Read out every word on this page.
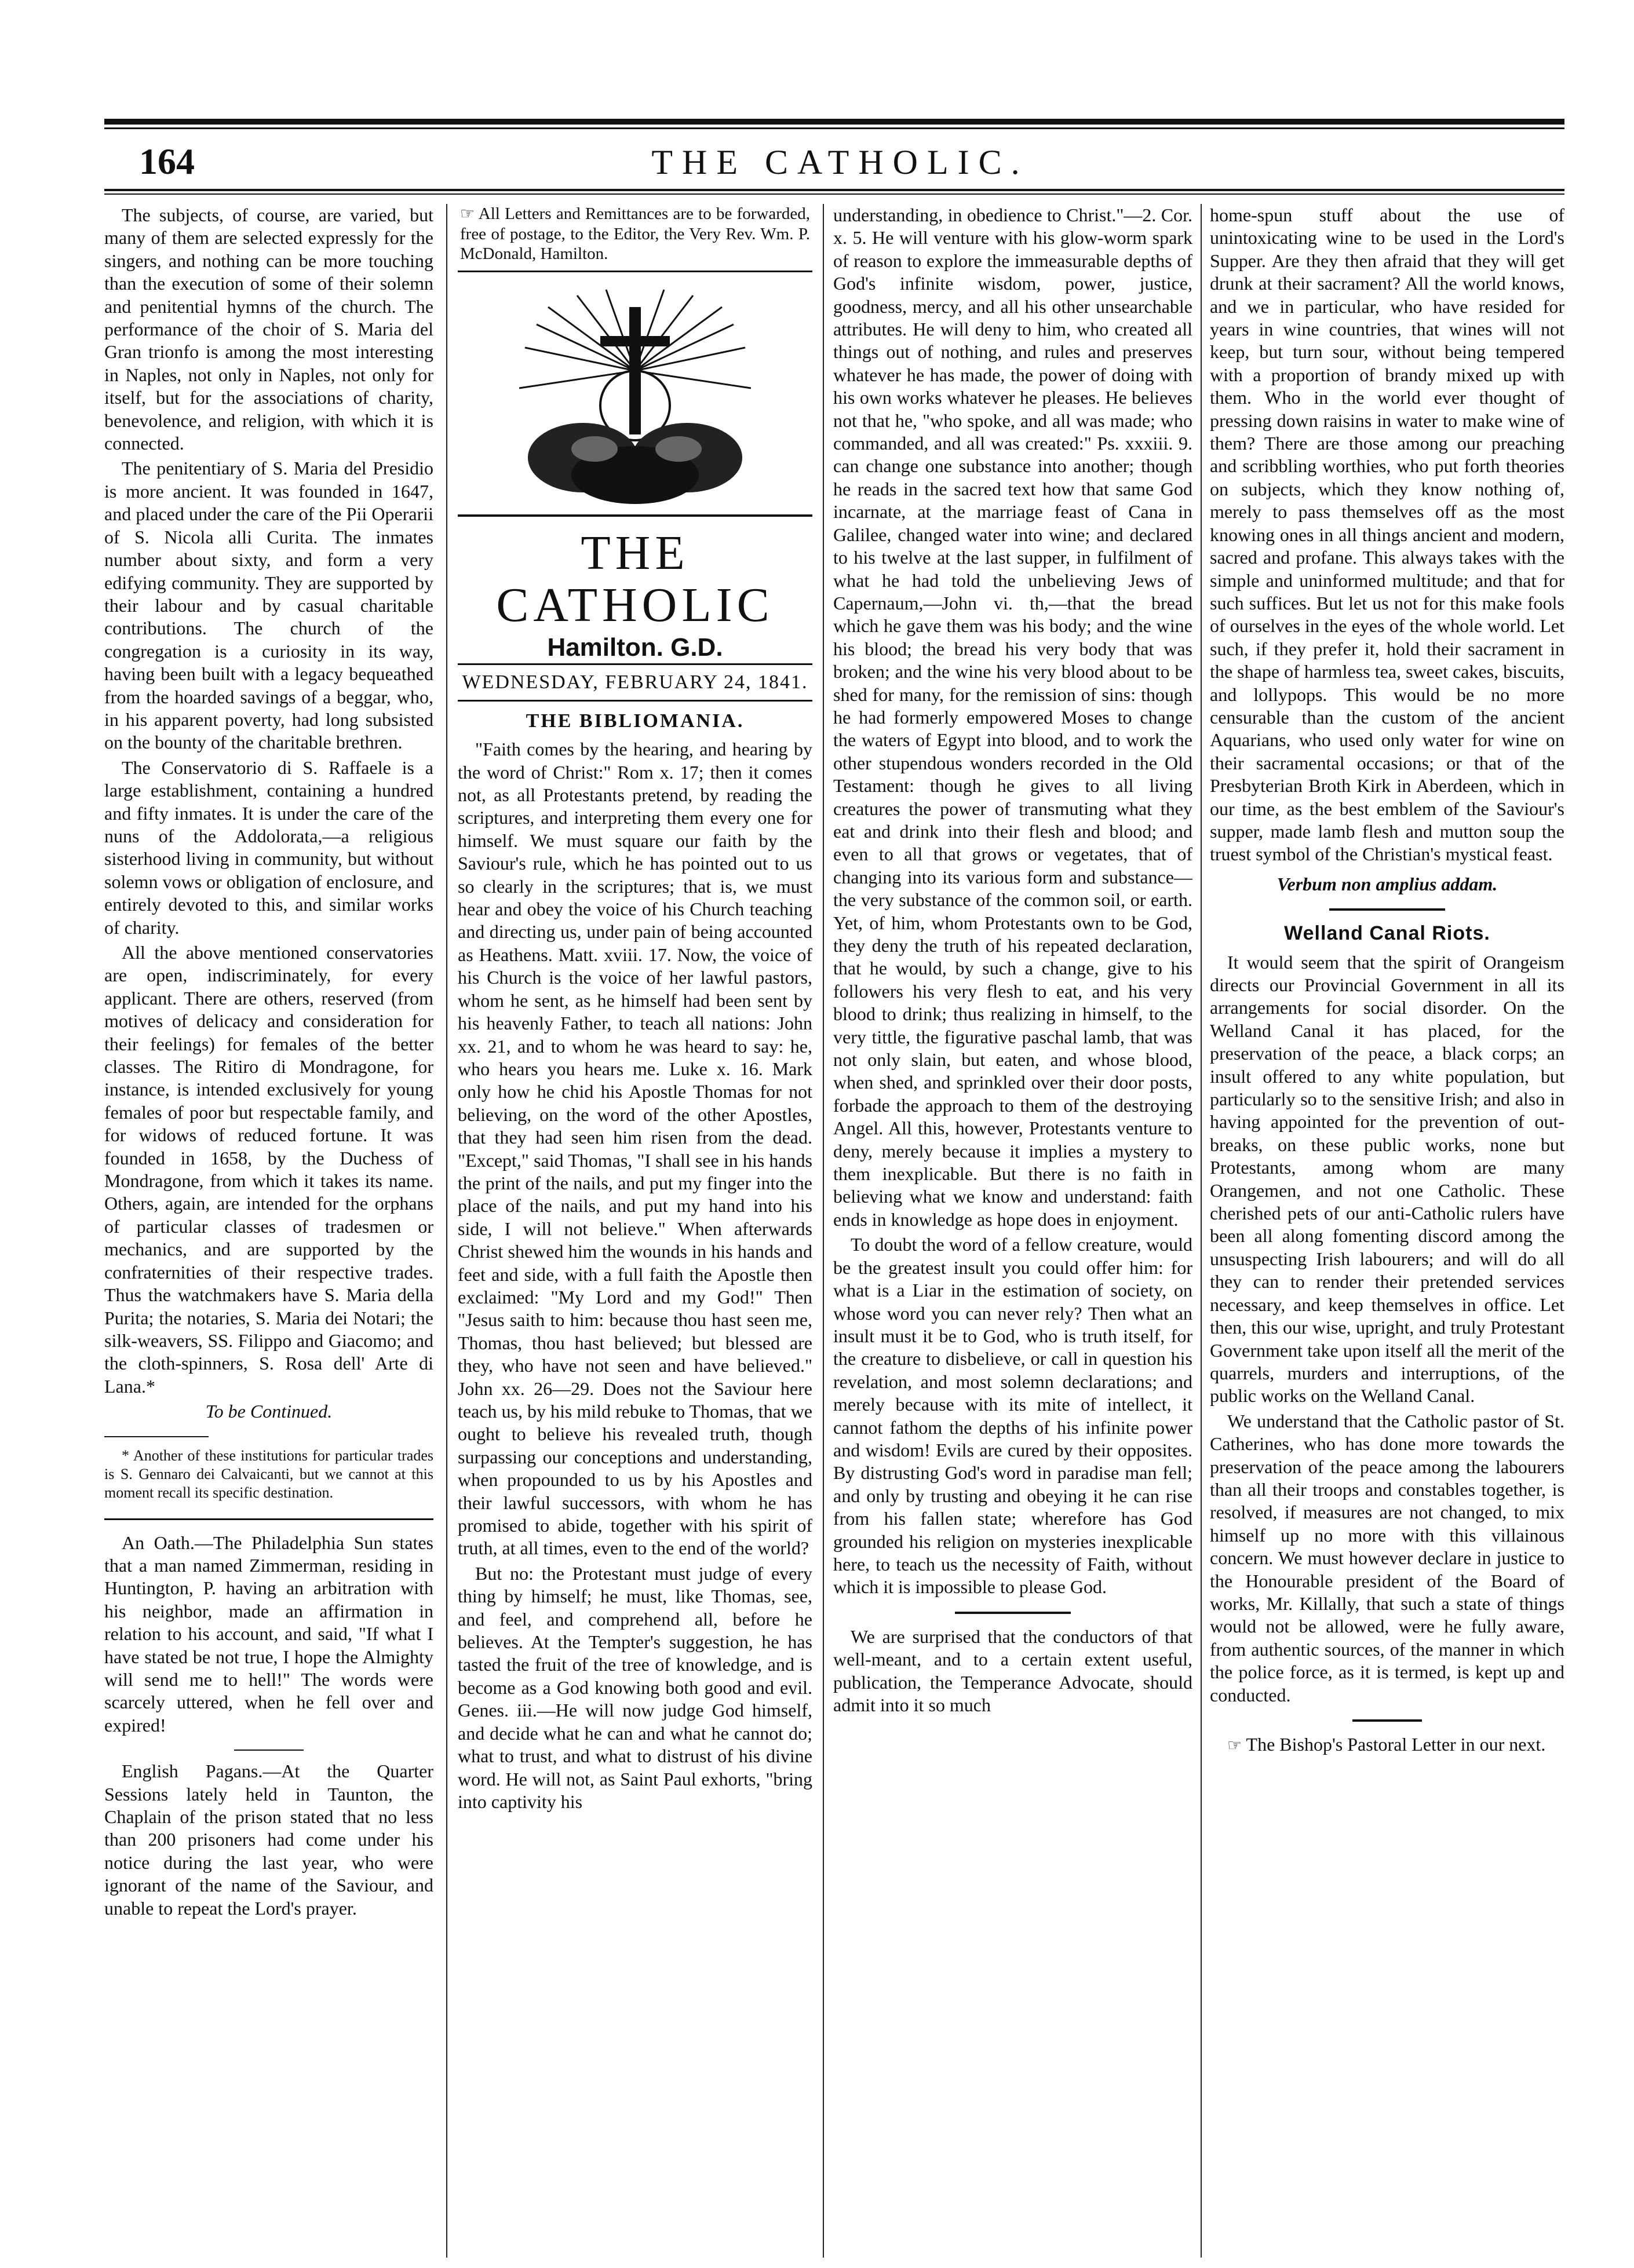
164	THE CATHOLIC.

The subjects, of course, are varied, but many of them are selected expressly for the singers, and nothing can be more touching than the execution of some of their solemn and penitential hymns of the church. The performance of the choir of S. Maria del Gran trionfo is among the most interesting in Naples, not only in Naples, not only for itself, but for the associations of charity, benevolence, and religion, with which it is connected.

The penitentiary of S. Maria del Presidio is more ancient. It was founded in 1647, and placed under the care of the Pii Operarii of S. Nicola alli Curita. The inmates number about sixty, and form a very edifying community. They are supported by their labour and by casual charitable contributions. The church of the congregation is a curiosity in its way, having been built with a legacy bequeathed from the hoarded savings of a beggar, who, in his apparent poverty, had long subsisted on the bounty of the charitable brethren.

The Conservatorio di S. Raffaele is a large establishment, containing a hundred and fifty inmates. It is under the care of the nuns of the Addolorata,—a religious sisterhood living in community, but without solemn vows or obligation of enclosure, and entirely devoted to this, and similar works of charity.

All the above mentioned conservatories are open, indiscriminately, for every applicant. There are others, reserved (from motives of delicacy and consideration for their feelings) for females of the better classes. The Ritiro di Mondragone, for instance, is intended exclusively for young females of poor but respectable family, and for widows of reduced fortune. It was founded in 1658, by the Duchess of Mondragone, from which it takes its name. Others, again, are intended for the orphans of particular classes of tradesmen or mechanics, and are supported by the confraternities of their respective trades. Thus the watchmakers have S. Maria della Purita; the notaries, S. Maria dei Notari; the silk-weavers, SS. Filippo and Giacomo; and the cloth-spinners, S. Rosa dell' Arte di Lana.*

To be Continued.

* Another of these institutions for particular trades is S. Gennaro dei Calvaicanti, but we cannot at this moment recall its specific destination.

An Oath.—The Philadelphia Sun states that a man named Zimmerman, residing in Huntington, P. having an arbitration with his neighbor, made an affirmation in relation to his account, and said, "If what I have stated be not true, I hope the Almighty will send me to hell!" The words were scarcely uttered, when he fell over and expired!

English Pagans.—At the Quarter Sessions lately held in Taunton, the Chaplain of the prison stated that no less than 200 prisoners had come under his notice during the last year, who were ignorant of the name of the Saviour, and unable to repeat the Lord's prayer.

☞ All Letters and Remittances are to be forwarded, free of postage, to the Editor, the Very Rev. Wm. P. McDonald, Hamilton.
THE CATHOLIC
Hamilton. G.D.
WEDNESDAY, FEBRUARY 24, 1841.
THE BIBLIOMANIA.

"Faith comes by the hearing, and hearing by the word of Christ:" Rom x. 17; then it comes not, as all Protestants pretend, by reading the scriptures, and interpreting them every one for himself. We must square our faith by the Saviour's rule, which he has pointed out to us so clearly in the scriptures; that is, we must hear and obey the voice of his Church teaching and directing us, under pain of being accounted as Heathens. Matt. xviii. 17. Now, the voice of his Church is the voice of her lawful pastors, whom he sent, as he himself had been sent by his heavenly Father, to teach all nations: John xx. 21, and to whom he was heard to say: he, who hears you hears me. Luke x. 16. Mark only how he chid his Apostle Thomas for not believing, on the word of the other Apostles, that they had seen him risen from the dead. "Except," said Thomas, "I shall see in his hands the print of the nails, and put my finger into the place of the nails, and put my hand into his side, I will not believe." When afterwards Christ shewed him the wounds in his hands and feet and side, with a full faith the Apostle then exclaimed: "My Lord and my God!" Then "Jesus saith to him: because thou hast seen me, Thomas, thou hast believed; but blessed are they, who have not seen and have believed." John xx. 26—29. Does not the Saviour here teach us, by his mild rebuke to Thomas, that we ought to believe his revealed truth, though surpassing our conceptions and understanding, when propounded to us by his Apostles and their lawful successors, with whom he has promised to abide, together with his spirit of truth, at all times, even to the end of the world?

But no: the Protestant must judge of every thing by himself; he must, like Thomas, see, and feel, and comprehend all, before he believes. At the Tempter's suggestion, he has tasted the fruit of the tree of knowledge, and is become as a God knowing both good and evil. Genes. iii.—He will now judge God himself, and decide what he can and what he cannot do; what to trust, and what to distrust of his divine word. He will not, as Saint Paul exhorts, "bring into captivity his

understanding, in obedience to Christ."—2. Cor. x. 5. He will venture with his glow-worm spark of reason to explore the immeasurable depths of God's infinite wisdom, power, justice, goodness, mercy, and all his other unsearchable attributes. He will deny to him, who created all things out of nothing, and rules and preserves whatever he has made, the power of doing with his own works whatever he pleases. He believes not that he, "who spoke, and all was made; who commanded, and all was created:" Ps. xxxiii. 9. can change one substance into another; though he reads in the sacred text how that same God incarnate, at the marriage feast of Cana in Galilee, changed water into wine; and declared to his twelve at the last supper, in fulfilment of what he had told the unbelieving Jews of Capernaum,—John vi. th,—that the bread which he gave them was his body; and the wine his blood; the bread his very body that was broken; and the wine his very blood about to be shed for many, for the remission of sins: though he had formerly empowered Moses to change the waters of Egypt into blood, and to work the other stupendous wonders recorded in the Old Testament: though he gives to all living creatures the power of transmuting what they eat and drink into their flesh and blood; and even to all that grows or vegetates, that of changing into its various form and substance—the very substance of the common soil, or earth. Yet, of him, whom Protestants own to be God, they deny the truth of his repeated declaration, that he would, by such a change, give to his followers his very flesh to eat, and his very blood to drink; thus realizing in himself, to the very tittle, the figurative paschal lamb, that was not only slain, but eaten, and whose blood, when shed, and sprinkled over their door posts, forbade the approach to them of the destroying Angel. All this, however, Protestants venture to deny, merely because it implies a mystery to them inexplicable. But there is no faith in believing what we know and understand: faith ends in knowledge as hope does in enjoyment.

To doubt the word of a fellow creature, would be the greatest insult you could offer him: for what is a Liar in the estimation of society, on whose word you can never rely? Then what an insult must it be to God, who is truth itself, for the creature to disbelieve, or call in question his revelation, and most solemn declarations; and merely because with its mite of intellect, it cannot fathom the depths of his infinite power and wisdom! Evils are cured by their opposites. By distrusting God's word in paradise man fell; and only by trusting and obeying it he can rise from his fallen state; wherefore has God grounded his religion on mysteries inexplicable here, to teach us the necessity of Faith, without which it is impossible to please God.

We are surprised that the conductors of that well-meant, and to a certain extent useful, publication, the Temperance Advocate, should admit into it so much

home-spun stuff about the use of unintoxicating wine to be used in the Lord's Supper. Are they then afraid that they will get drunk at their sacrament? All the world knows, and we in particular, who have resided for years in wine countries, that wines will not keep, but turn sour, without being tempered with a proportion of brandy mixed up with them. Who in the world ever thought of pressing down raisins in water to make wine of them? There are those among our preaching and scribbling worthies, who put forth theories on subjects, which they know nothing of, merely to pass themselves off as the most knowing ones in all things ancient and modern, sacred and profane. This always takes with the simple and uninformed multitude; and that for such suffices. But let us not for this make fools of ourselves in the eyes of the whole world. Let such, if they prefer it, hold their sacrament in the shape of harmless tea, sweet cakes, biscuits, and lollypops. This would be no more censurable than the custom of the ancient Aquarians, who used only water for wine on their sacramental occasions; or that of the Presbyterian Broth Kirk in Aberdeen, which in our time, as the best emblem of the Saviour's supper, made lamb flesh and mutton soup the truest symbol of the Christian's mystical feast.

Verbum non amplius addam.
Welland Canal Riots.

It would seem that the spirit of Orangeism directs our Provincial Government in all its arrangements for social disorder. On the Welland Canal it has placed, for the preservation of the peace, a black corps; an insult offered to any white population, but particularly so to the sensitive Irish; and also in having appointed for the prevention of out-breaks, on these public works, none but Protestants, among whom are many Orangemen, and not one Catholic. These cherished pets of our anti-Catholic rulers have been all along fomenting discord among the unsuspecting Irish labourers; and will do all they can to render their pretended services necessary, and keep themselves in office. Let then, this our wise, upright, and truly Protestant Government take upon itself all the merit of the quarrels, murders and interruptions, of the public works on the Welland Canal.

We understand that the Catholic pastor of St. Catherines, who has done more towards the preservation of the peace among the labourers than all their troops and constables together, is resolved, if measures are not changed, to mix himself up no more with this villainous concern. We must however declare in justice to the Honourable president of the Board of works, Mr. Killally, that such a state of things would not be allowed, were he fully aware, from authentic sources, of the manner in which the police force, as it is termed, is kept up and conducted.

☞ The Bishop's Pastoral Letter in our next.
